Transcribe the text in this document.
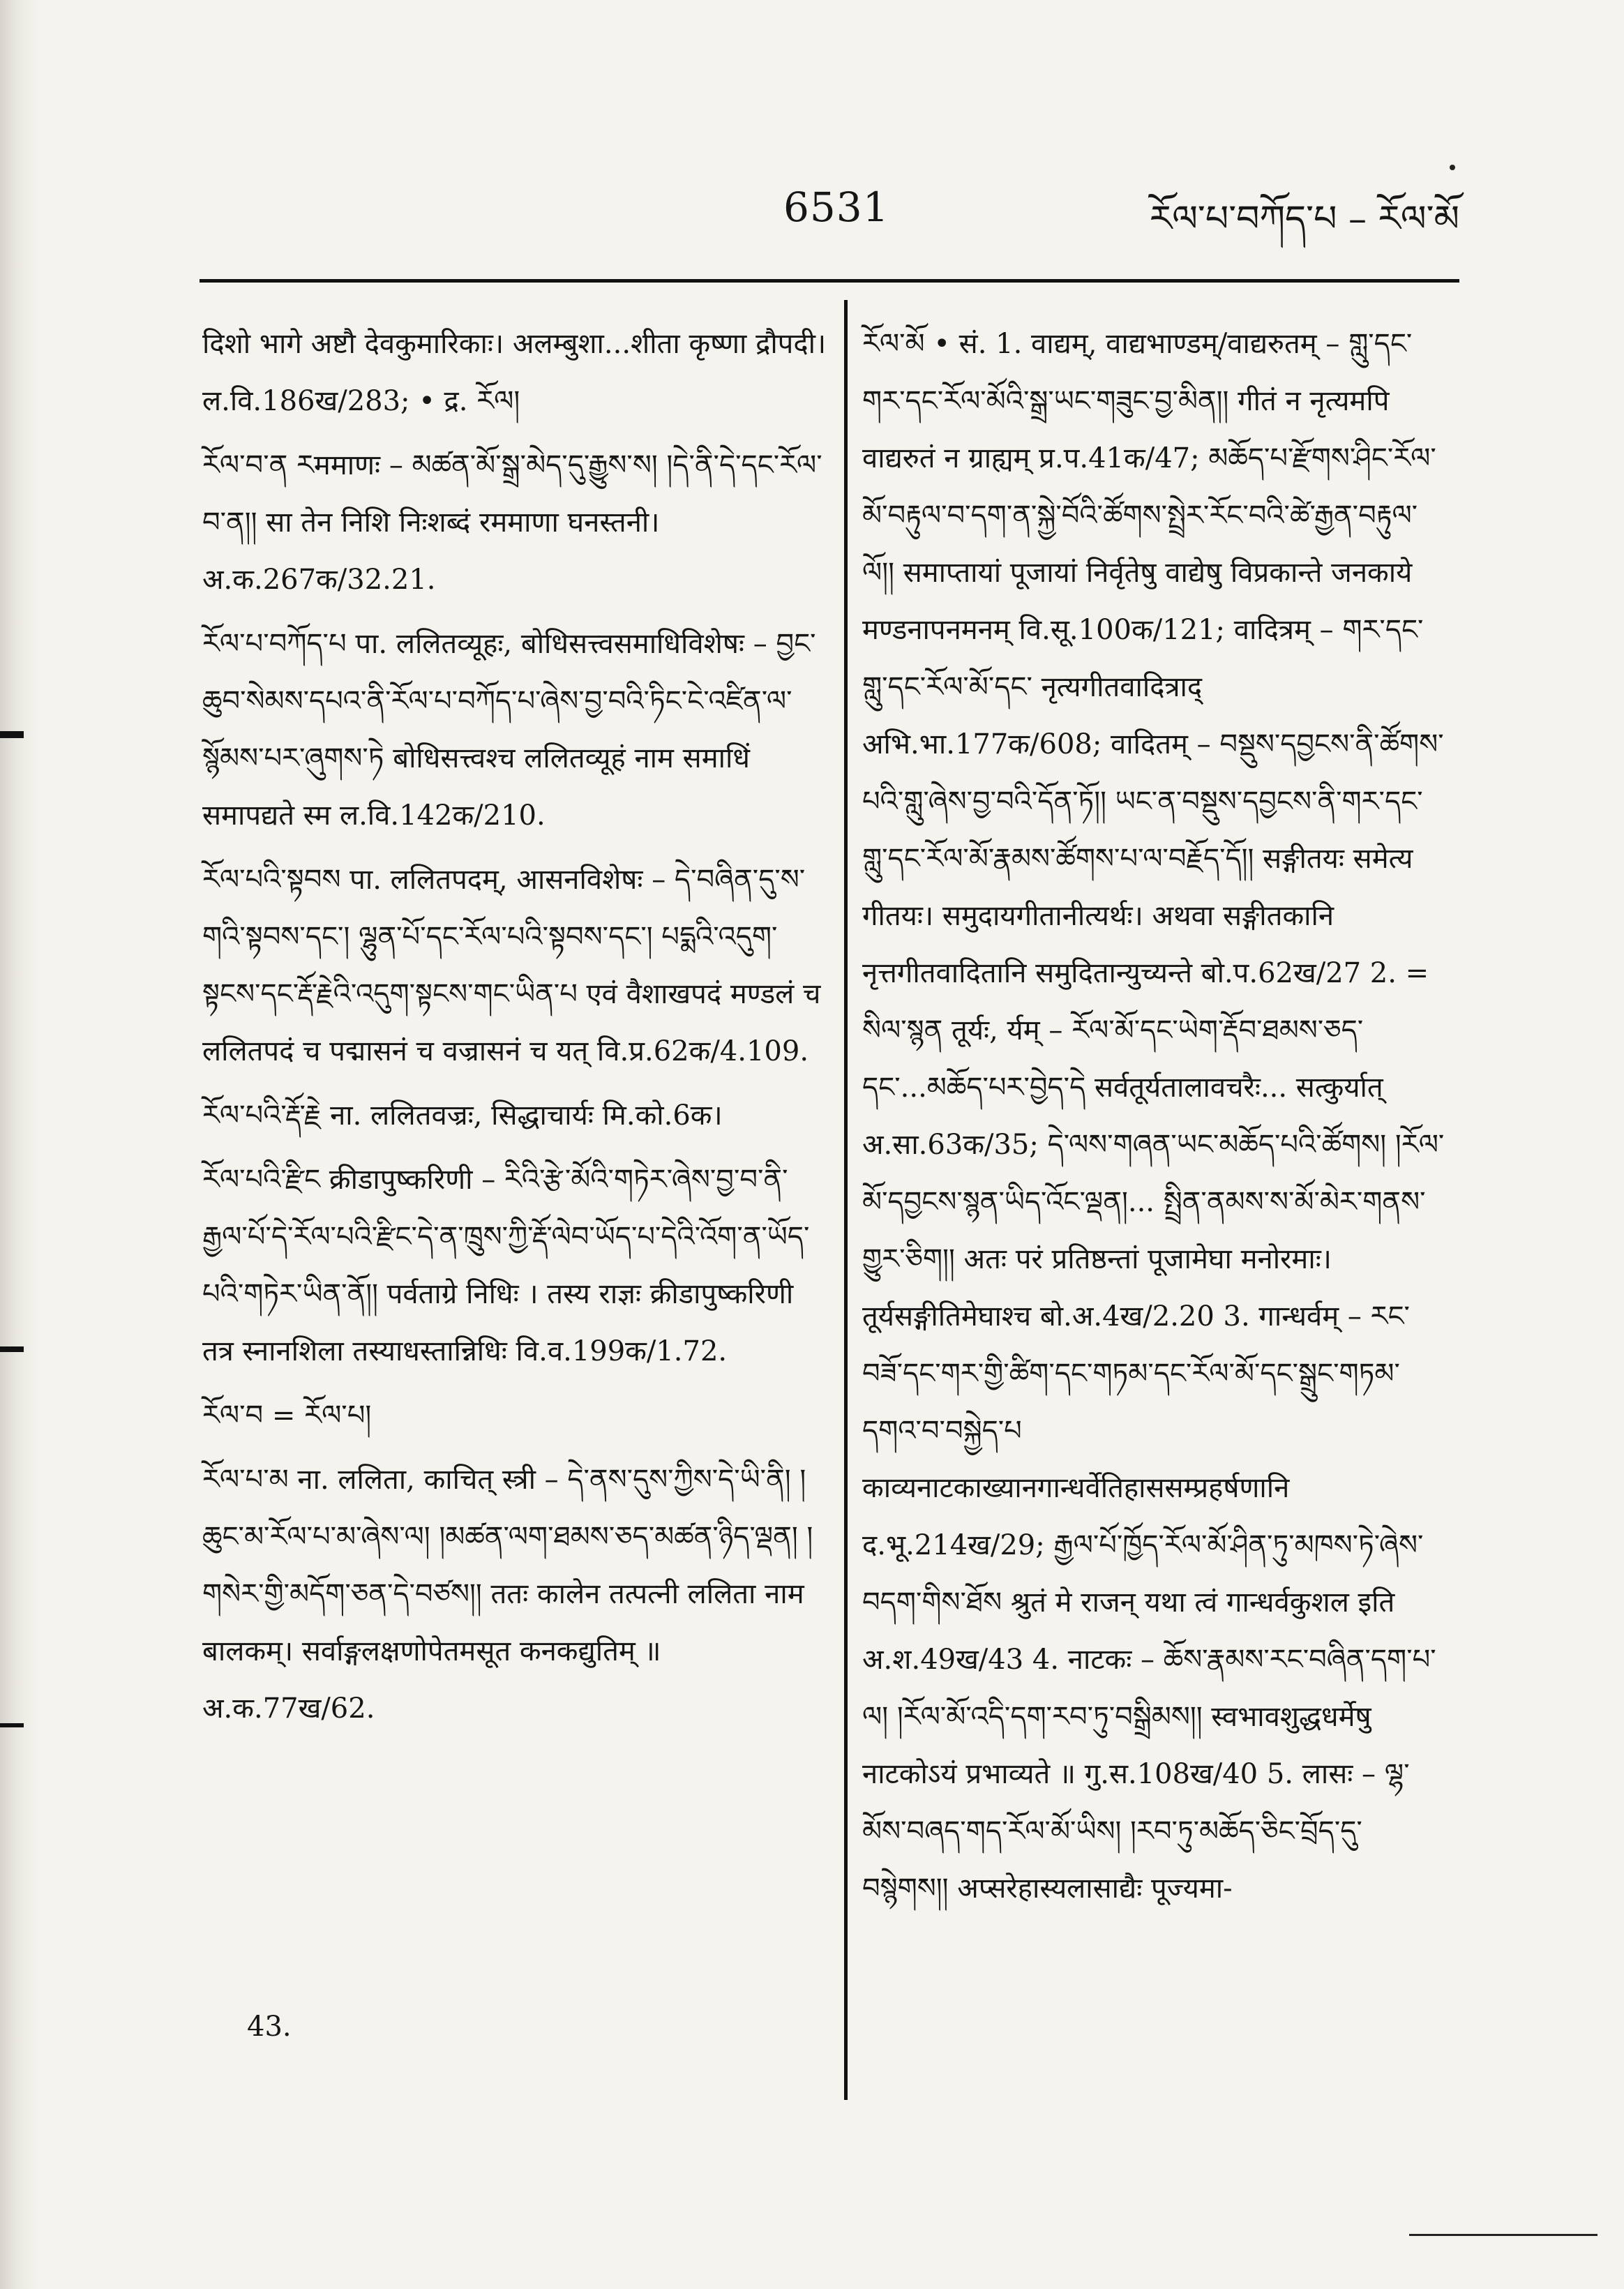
6531	རོལ་པ་བཀོད་པ – རོལ་མོ
दिशो भागे अष्टौ देवकुमारिकाः। अलम्बुशा...शीता कृष्णा द्रौपदी। ल.वि.186ख/283; • द्र. རོལ།
རོལ་བ་ན རममाणः – མཚན་མོ་སྒྲ་མེད་དུ་རྒྱུས་ས། །དེ་ནི་དེ་དང་རོལ་བ་ན།། सा तेन निशि निःशब्दं रममाणा घनस्तनी। अ.क.267क/32.21.
རོལ་པ་བཀོད་པ पा. ललितव्यूहः, बोधिसत्त्वसमाधिविशेषः – བྱང་ཆུབ་སེམས་དཔའ་ནི་རོལ་པ་བཀོད་པ་ཞེས་བྱ་བའི་ཏིང་ངེ་འཛིན་ལ་སྙོམས་པར་ཞུགས་ཏེ बोधिसत्त्वश्च ललितव्यूहं नाम समाधिं समापद्यते स्म ल.वि.142क/210.
རོལ་པའི་སྟབས पा. ललितपदम्, आसनविशेषः – དེ་བཞིན་དུ་ས་གའི་སྟབས་དང་། ལྷུན་པོ་དང་རོལ་པའི་སྟབས་དང་། པདྨའི་འདུག་སྟངས་དང་རྡོ་རྗེའི་འདུག་སྟངས་གང་ཡིན་པ एवं वैशाखपदं मण्डलं च ललितपदं च पद्मासनं च वज्रासनं च यत् वि.प्र.62क/4.109.
རོལ་པའི་རྡོ་རྗེ ना. ललितवज्रः, सिद्धाचार्यः मि.को.6क।
རོལ་པའི་རྫིང क्रीडापुष्करिणी – རིའི་རྩེ་མོའི་གཏེར་ཞེས་བྱ་བ་ནི་རྒྱལ་པོ་དེ་རོལ་པའི་རྫིང་དེ་ན་ཁྲུས་ཀྱི་རྡོ་ལེབ་ཡོད་པ་དེའི་འོག་ན་ཡོད་པའི་གཏེར་ཡིན་ནོ།། पर्वताग्रे निधिः । तस्य राज्ञः क्रीडापुष्करिणी तत्र स्नानशिला तस्याधस्तान्निधिः वि.व.199क/1.72.
རོལ་བ = རོལ་པ།
རོལ་པ་མ ना. ललिता, काचित् स्त्री – དེ་ནས་དུས་ཀྱིས་དེ་ཡི་ནི། །ཆུང་མ་རོལ་པ་མ་ཞེས་ལ། །མཚན་ལག་ཐམས་ཅད་མཚན་ཉིད་ལྡན། །གསེར་གྱི་མདོག་ཅན་དེ་བཙས།། ततः कालेन तत्पत्नी ललिता नाम बालकम्। सर्वाङ्गलक्षणोपेतमसूत कनकद्युतिम् ॥ अ.क.77ख/62.
43.
རོལ་མོ • सं. 1. वाद्यम्, वाद्यभाण्डम्/वाद्यरुतम् – གླུ་དང་གར་དང་རོལ་མོའི་སྒྲ་ཡང་གཟུང་བྱ་མིན།། गीतं न नृत्यमपि वाद्यरुतं न ग्राह्यम् प्र.प.41क/47; མཆོད་པ་རྫོགས་ཤིང་རོལ་མོ་བརྟུལ་བ་དག་ན་སྐྱེ་བོའི་ཚོགས་སྤྲེར་རོང་བའི་ཚེ་རྒྱན་བརྟུལ་ལོ།། समाप्तायां पूजायां निर्वृतेषु वाद्येषु विप्रकान्ते जनकाये मण्डनापनमनम् वि.सू.100क/121; वादित्रम् – གར་དང་གླུ་དང་རོལ་མོ་དང་ नृत्यगीतवादित्राद् अभि.भा.177क/608; वादितम् – བསྡུས་དབྱངས་ནི་ཚོགས་པའི་གླུ་ཞེས་བྱ་བའི་དོན་ཏོ།། ཡང་ན་བསྡུས་དབྱངས་ནི་གར་དང་གླུ་དང་རོལ་མོ་རྣམས་ཚོགས་པ་ལ་བརྗོད་དོ།། सङ्गीतयः समेत्य गीतयः। समुदायगीतानीत्यर्थः। अथवा सङ्गीतकानि नृत्तगीतवादितानि समुदितान्युच्यन्ते बो.प.62ख/27 2. = སིལ་སྙན तूर्यः, र्यम् – རོལ་མོ་དང་ཡེག་རྡོབ་ཐམས་ཅད་དང་...མཆོད་པར་བྱེད་དེ सर्वतूर्यतालावचरैः... सत्कुर्यात् अ.सा.63क/35; དེ་ལས་གཞན་ཡང་མཆོད་པའི་ཚོགས། །རོལ་མོ་དབྱངས་སྙན་ཡིད་འོང་ལྡན།... སྤྲིན་ནམས་ས་མོ་མེར་གནས་གྱུར་ཅིག།། अतः परं प्रतिष्ठन्तां पूजामेघा मनोरमाः। तूर्यसङ्गीतिमेघाश्च बो.अ.4ख/2.20 3. गान्धर्वम् – རང་བཟོ་དང་གར་གྱི་ཚིག་དང་གཏམ་དང་རོལ་མོ་དང་སྒྲུང་གཏམ་དགའ་བ་བསྐྱེད་པ काव्यनाटकाख्यानगान्धर्वेतिहाससम्प्रहर्षणानि द.भू.214ख/29; རྒྱལ་པོ་ཁྱོད་རོལ་མོ་ཤིན་ཏུ་མཁས་ཏེ་ཞེས་བདག་གིས་ཐོས श्रुतं मे राजन् यथा त्वं गान्धर्वकुशल इति अ.श.49ख/43 4. नाटकः – ཆོས་རྣམས་རང་བཞིན་དག་པ་ལ། །རོལ་མོ་འདི་དག་རབ་ཏུ་བསྒྲིམས།། स्वभावशुद्धधर्मेषु नाटकोऽयं प्रभाव्यते ॥ गु.स.108ख/40 5. लासः – ལྷ་མོས་བཞད་གད་རོལ་མོ་ཡིས། །རབ་ཏུ་མཆོད་ཅིང་བྲོད་དུ་བསྙེགས།། अप्सरेहास्यलासाद्यैः पूज्यमा-
